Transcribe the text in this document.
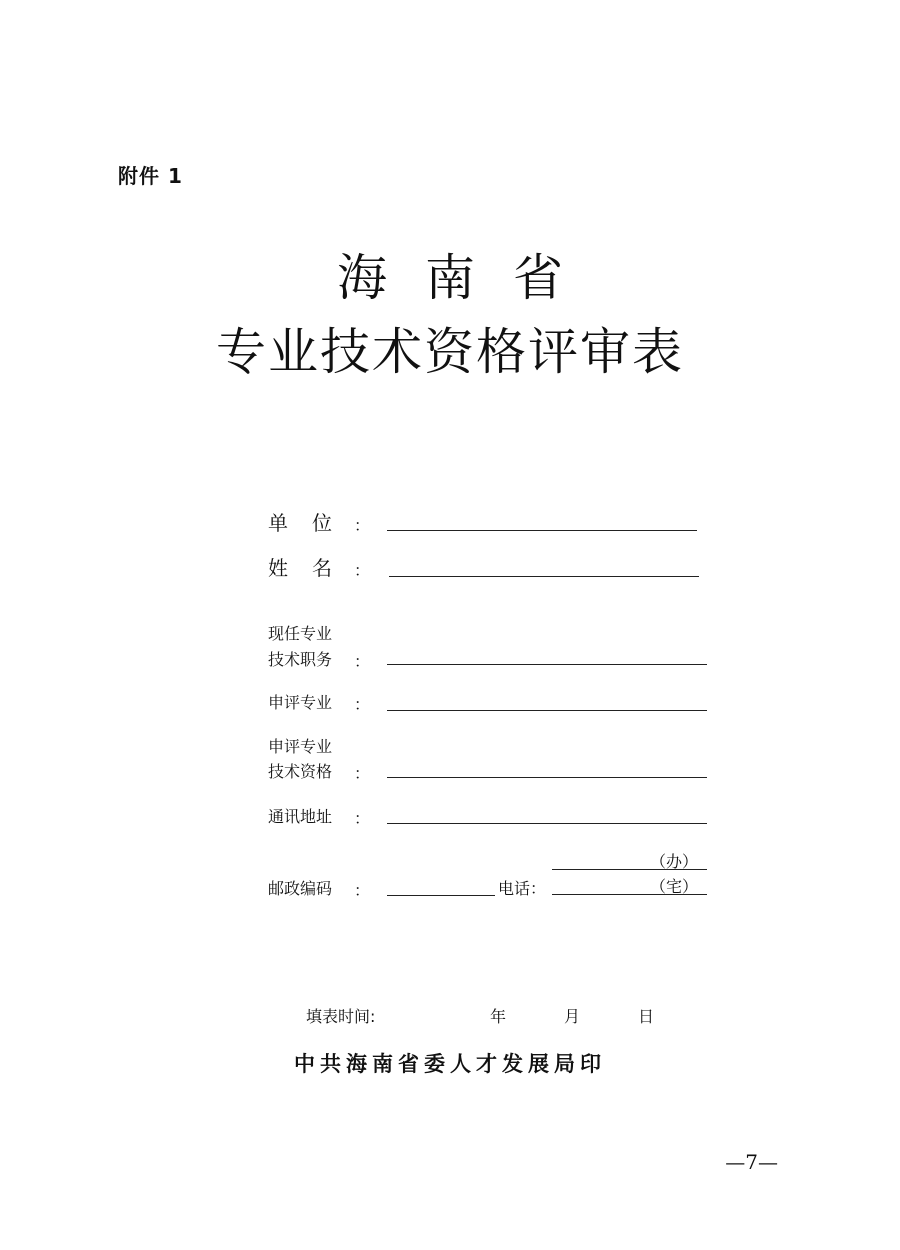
附件 1
海南省
专业技术资格评审表
单　位 ：
姓　名 ：
现任专业
技术职务 ：
申评专业 ：
申评专业
技术资格 ：
通讯地址 ：
邮政编码 ：	电话：
（办）
（宅）
填表时间:	年	月	日
中共海南省委人才发展局印
—7—
